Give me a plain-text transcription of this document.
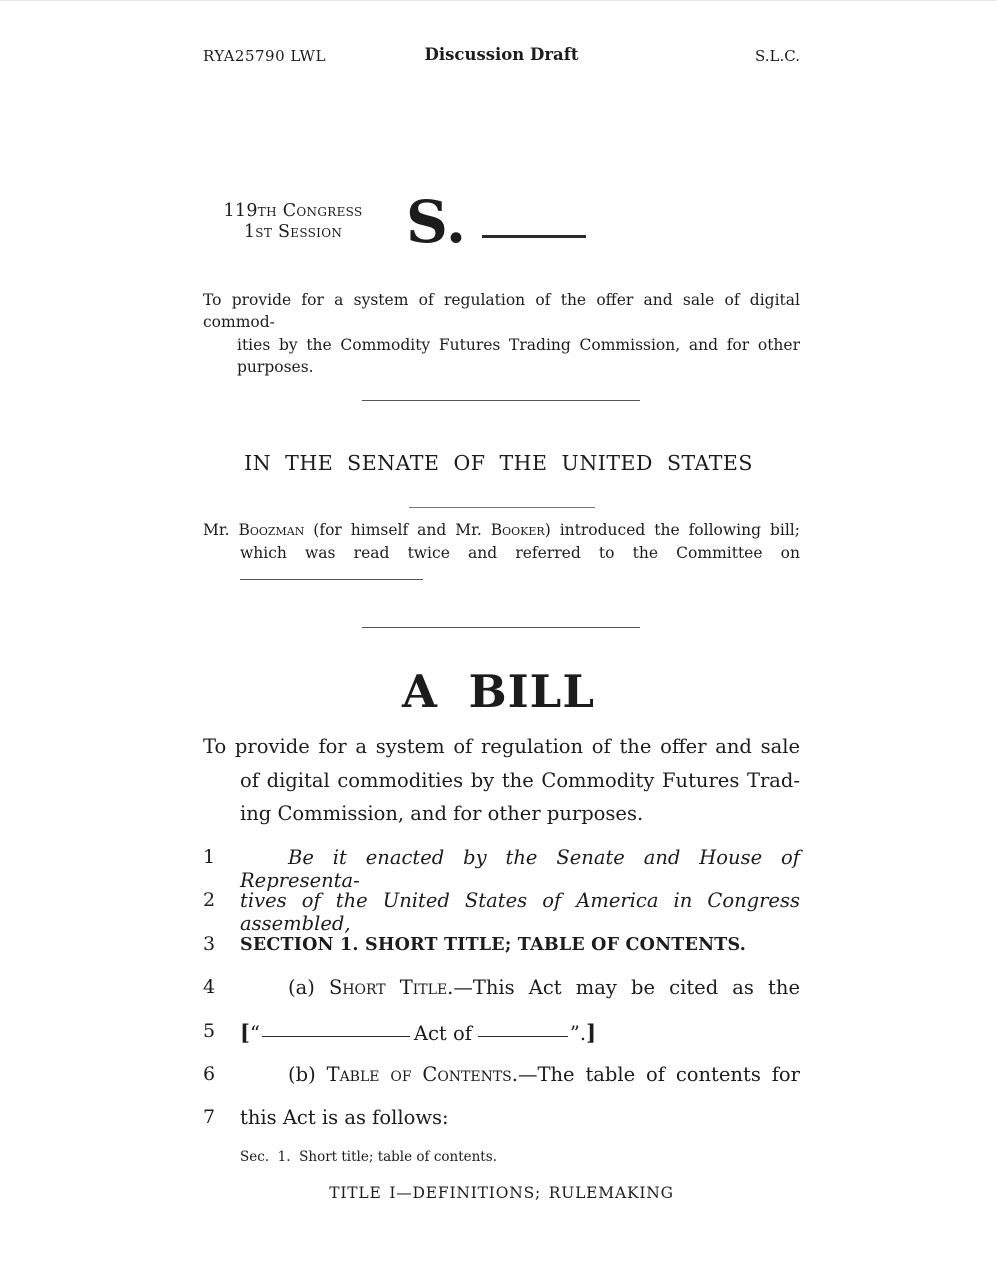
RYA25790 LWL	Discussion Draft	S.L.C.
119th Congress
1st Session	S.
To provide for a system of regulation of the offer and sale of digital commod-
ities by the Commodity Futures Trading Commission, and for other
purposes.
IN THE SENATE OF THE UNITED STATES
Mr. Boozman (for himself and Mr. Booker) introduced the following bill;
which was read twice and referred to the Committee on
A BILL
To provide for a system of regulation of the offer and sale
of digital commodities by the Commodity Futures Trad-
ing Commission, and for other purposes.
1	Be it enacted by the Senate and House of Representa-
2	tives of the United States of America in Congress assembled,
3	SECTION 1. SHORT TITLE; TABLE OF CONTENTS.
4	(a) Short Title.—This Act may be cited as the
5	[“	Act of	”.]
6	(b) Table of Contents.—The table of contents for
7	this Act is as follows:
Sec.  1.  Short title; table of contents.
TITLE I—DEFINITIONS; RULEMAKING
